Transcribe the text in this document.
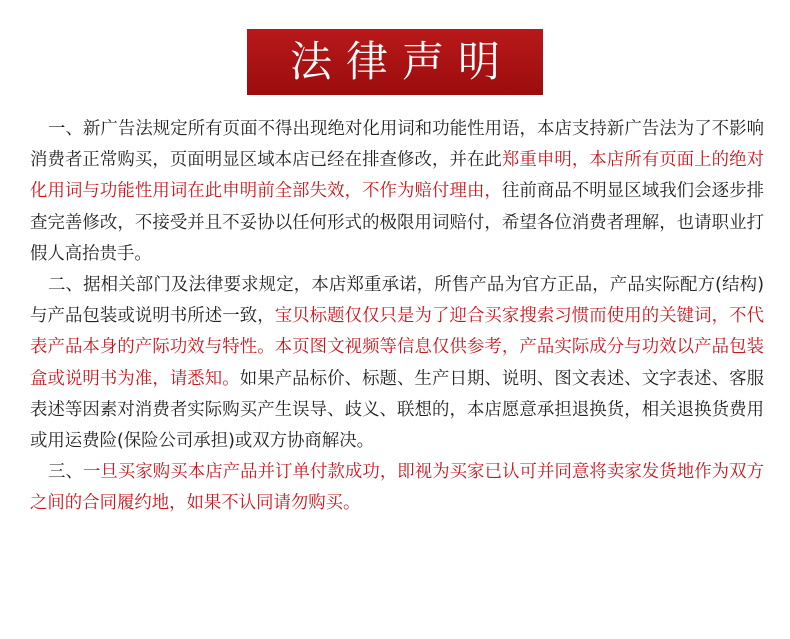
法律声明

一、新广告法规定所有页面不得出现绝对化用词和功能性用语，本店支持新广告法为了不影响消费者正常购买，页面明显区域本店已经在排查修改，并在此郑重申明，本店所有页面上的绝对化用词与功能性用词在此申明前全部失效，不作为赔付理由，往前商品不明显区域我们会逐步排查完善修改，不接受并且不妥协以任何形式的极限用词赔付，希望各位消费者理解，也请职业打假人高抬贵手。

二、据相关部门及法律要求规定，本店郑重承诺，所售产品为官方正品，产品实际配方(结构)与产品包装或说明书所述一致，宝贝标题仅仅只是为了迎合买家搜索习惯而使用的关键词，不代表产品本身的产际功效与特性。本页图文视频等信息仅供参考，产品实际成分与功效以产品包装盒或说明书为准，请悉知。如果产品标价、标题、生产日期、说明、图文表述、文字表述、客服表述等因素对消费者实际购买产生误导、歧义、联想的，本店愿意承担退换货，相关退换货费用或用运费险(保险公司承担)或双方协商解决。

三、一旦买家购买本店产品并订单付款成功，即视为买家已认可并同意将卖家发货地作为双方之间的合同履约地，如果不认同请勿购买。
